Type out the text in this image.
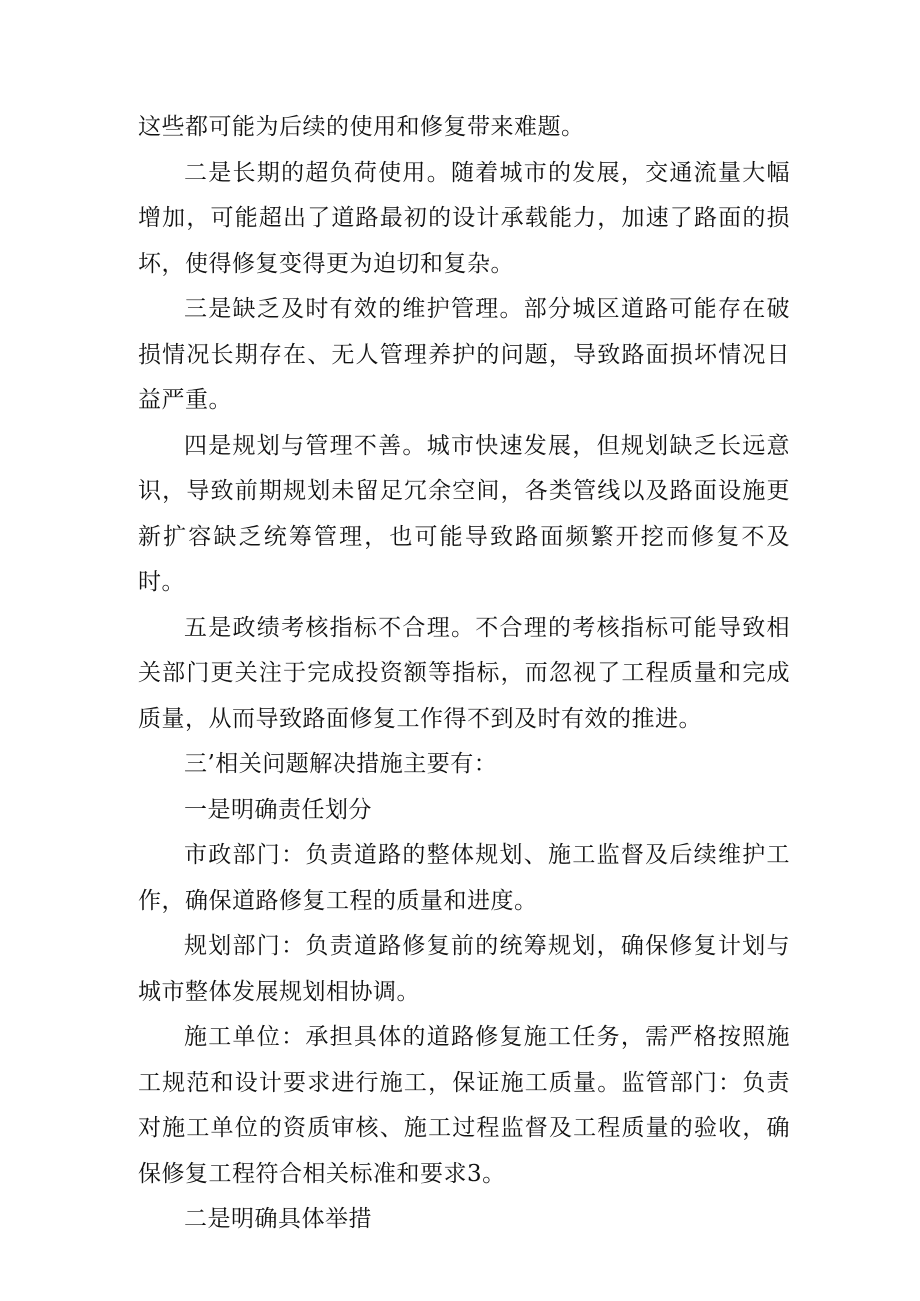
这些都可能为后续的使用和修复带来难题。

二是长期的超负荷使用。随着城市的发展，交通流量大幅增加，可能超出了道路最初的设计承载能力，加速了路面的损坏，使得修复变得更为迫切和复杂。

三是缺乏及时有效的维护管理。部分城区道路可能存在破损情况长期存在、无人管理养护的问题，导致路面损坏情况日益严重。

四是规划与管理不善。城市快速发展，但规划缺乏长远意识，导致前期规划未留足冗余空间，各类管线以及路面设施更新扩容缺乏统筹管理，也可能导致路面频繁开挖而修复不及时。

五是政绩考核指标不合理。不合理的考核指标可能导致相关部门更关注于完成投资额等指标，而忽视了工程质量和完成质量，从而导致路面修复工作得不到及时有效的推进。

三’相关问题解决措施主要有：

一是明确责任划分

市政部门：负责道路的整体规划、施工监督及后续维护工作，确保道路修复工程的质量和进度。

规划部门：负责道路修复前的统筹规划，确保修复计划与城市整体发展规划相协调。

施工单位：承担具体的道路修复施工任务，需严格按照施工规范和设计要求进行施工，保证施工质量。监管部门：负责对施工单位的资质审核、施工过程监督及工程质量的验收，确保修复工程符合相关标准和要求3。

二是明确具体举措
